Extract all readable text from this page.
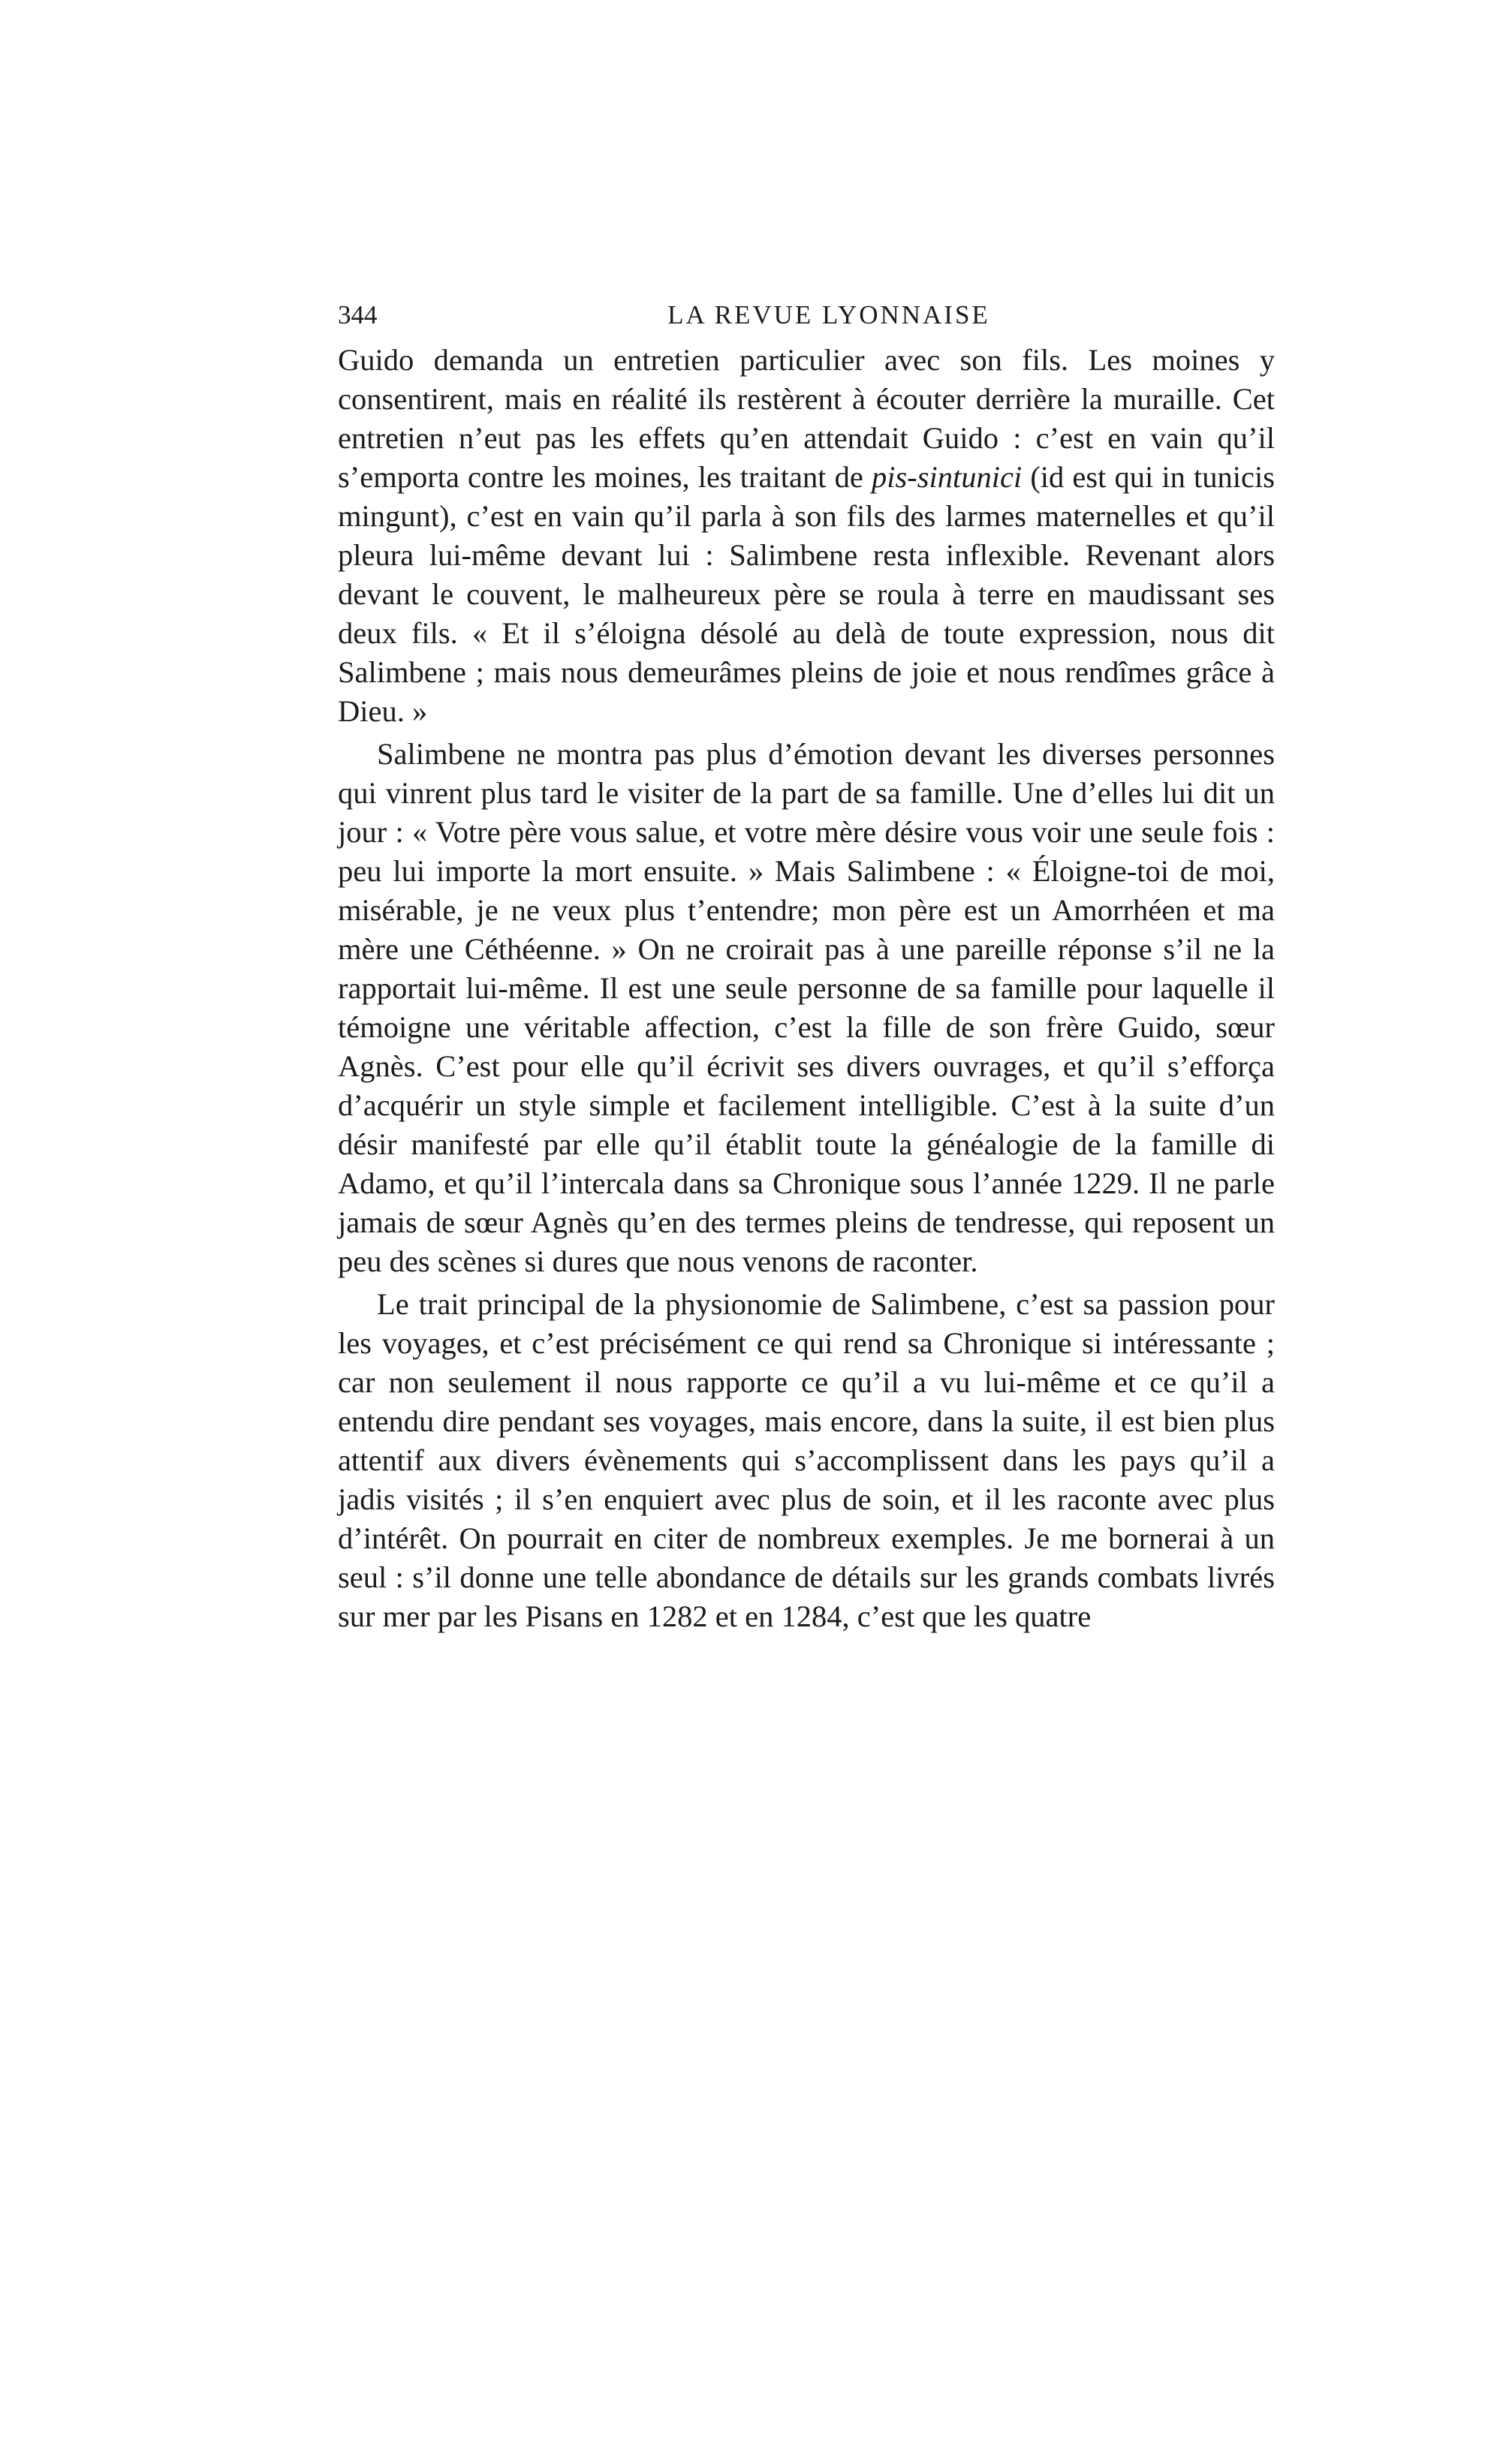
344	LA REVUE LYONNAISE

Guido demanda un entretien particulier avec son fils. Les moines y consentirent, mais en réalité ils restèrent à écouter derrière la muraille. Cet entretien n’eut pas les effets qu’en attendait Guido : c’est en vain qu’il s’emporta contre les moines, les traitant de pis-sintunici (id est qui in tunicis mingunt), c’est en vain qu’il parla à son fils des larmes maternelles et qu’il pleura lui-même devant lui : Salimbene resta inflexible. Revenant alors devant le couvent, le malheureux père se roula à terre en maudissant ses deux fils. « Et il s’éloigna désolé au delà de toute expression, nous dit Salimbene ; mais nous demeurâmes pleins de joie et nous rendîmes grâce à Dieu. »

Salimbene ne montra pas plus d’émotion devant les diverses personnes qui vinrent plus tard le visiter de la part de sa famille. Une d’elles lui dit un jour : « Votre père vous salue, et votre mère désire vous voir une seule fois : peu lui importe la mort ensuite. » Mais Salimbene : « Éloigne-toi de moi, misérable, je ne veux plus t’entendre; mon père est un Amorrhéen et ma mère une Céthéenne. » On ne croirait pas à une pareille réponse s’il ne la rapportait lui-même. Il est une seule personne de sa famille pour laquelle il témoigne une véritable affection, c’est la fille de son frère Guido, sœur Agnès. C’est pour elle qu’il écrivit ses divers ouvrages, et qu’il s’efforça d’acquérir un style simple et facilement intelligible. C’est à la suite d’un désir manifesté par elle qu’il établit toute la généalogie de la famille di Adamo, et qu’il l’intercala dans sa Chronique sous l’année 1229. Il ne parle jamais de sœur Agnès qu’en des termes pleins de tendresse, qui reposent un peu des scènes si dures que nous venons de raconter.

Le trait principal de la physionomie de Salimbene, c’est sa passion pour les voyages, et c’est précisément ce qui rend sa Chronique si intéressante ; car non seulement il nous rapporte ce qu’il a vu lui-même et ce qu’il a entendu dire pendant ses voyages, mais encore, dans la suite, il est bien plus attentif aux divers évènements qui s’accomplissent dans les pays qu’il a jadis visités ; il s’en enquiert avec plus de soin, et il les raconte avec plus d’intérêt. On pourrait en citer de nombreux exemples. Je me bornerai à un seul : s’il donne une telle abondance de détails sur les grands combats livrés sur mer par les Pisans en 1282 et en 1284, c’est que les quatre
